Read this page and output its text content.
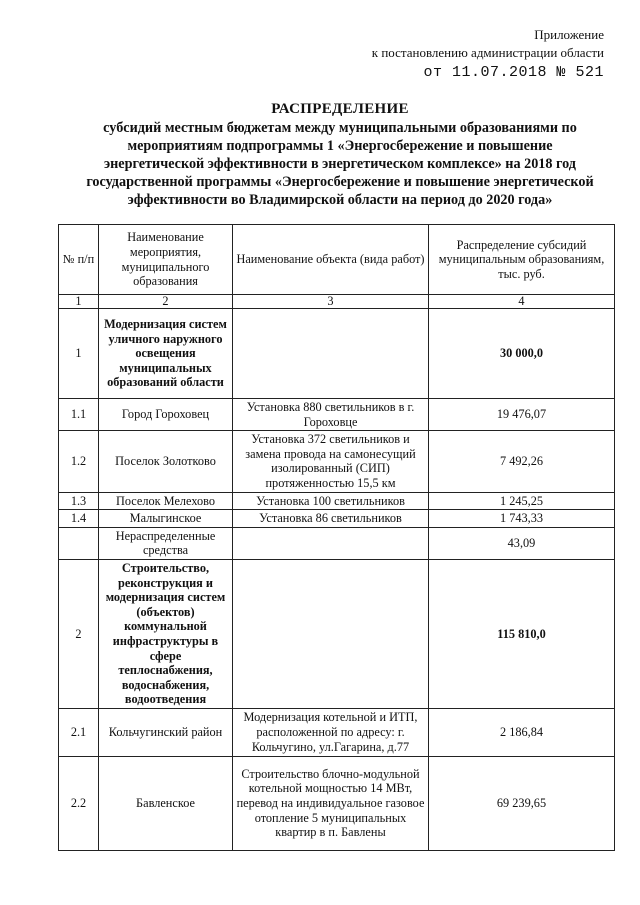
Приложение
к постановлению администрации области
от 11.07.2018 № 521
РАСПРЕДЕЛЕНИЕ
субсидий местным бюджетам между муниципальными образованиями по
мероприятиям подпрограммы 1 «Энергосбережение и повышение
энергетической эффективности в энергетическом комплексе» на 2018 год
государственной программы «Энергосбережение и повышение энергетической
эффективности во Владимирской области на период до 2020 года»
№ п/п	Наименование мероприятия, муниципального образования	Наименование объекта (вида работ)	Распределение субсидий муниципальным образованиям, тыс. руб.
1	2	3	4
1	Модернизация систем уличного наружного освещения муниципальных образований области		30 000,0
1.1	Город Гороховец	Установка 880 светильников в г. Гороховце	19 476,07
1.2	Поселок Золотково	Установка 372 светильников и замена провода на самонесущий изолированный (СИП) протяженностью 15,5 км	7 492,26
1.3	Поселок Мелехово	Установка 100 светильников	1 245,25
1.4	Малыгинское	Установка 86 светильников	1 743,33
	Нераспределенные средства		43,09
2	Строительство, реконструкция и модернизация систем (объектов) коммунальной инфраструктуры в сфере теплоснабжения, водоснабжения, водоотведения		115 810,0
2.1	Кольчугинский район	Модернизация котельной и ИТП, расположенной по адресу: г. Кольчугино, ул.Гагарина, д.77	2 186,84
2.2	Бавленское	Строительство блочно-модульной котельной мощностью 14 МВт, перевод на индивидуальное газовое отопление 5 муниципальных квартир в п. Бавлены	69 239,65
